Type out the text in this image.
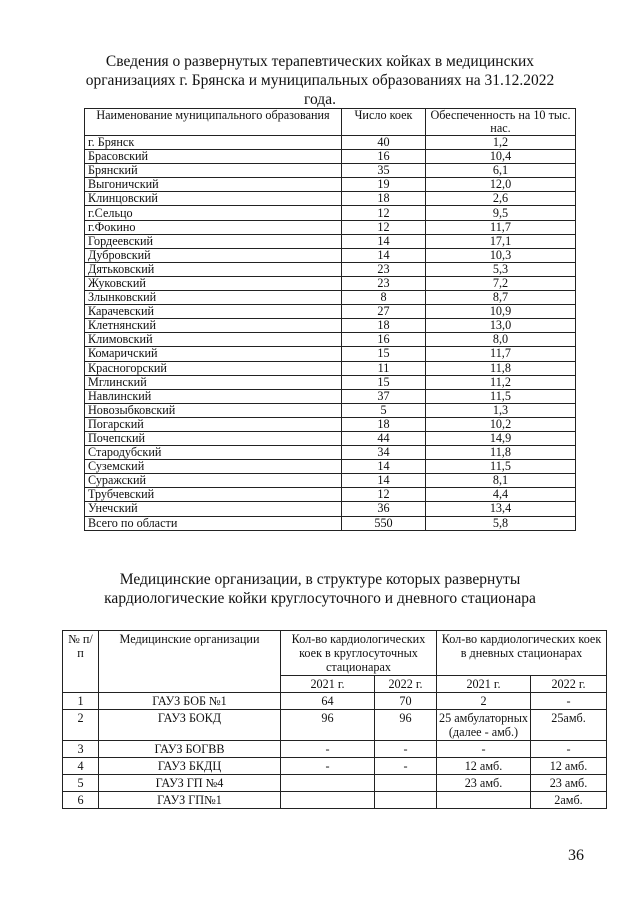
Сведения о развернутых терапевтических койках в медицинских организациях г. Брянска и муниципальных образованиях на 31.12.2022 года.
Наименование муниципального образования	Число коек	Обеспеченность на 10 тыс. нас.
г. Брянск	40	1,2
Брасовский	16	10,4
Брянский	35	6,1
Выгоничский	19	12,0
Клинцовский	18	2,6
г.Сельцо	12	9,5
г.Фокино	12	11,7
Гордеевский	14	17,1
Дубровский	14	10,3
Дятьковский	23	5,3
Жуковский	23	7,2
Злынковский	8	8,7
Карачевский	27	10,9
Клетнянский	18	13,0
Климовский	16	8,0
Комаричский	15	11,7
Красногорский	11	11,8
Мглинский	15	11,2
Навлинский	37	11,5
Новозыбковский	5	1,3
Погарский	18	10,2
Почепский	44	14,9
Стародубский	34	11,8
Суземский	14	11,5
Суражский	14	8,1
Трубчевский	12	4,4
Унечский	36	13,4
Всего по области	550	5,8
Медицинские организации, в структуре которых развернуты кардиологические койки круглосуточного и дневного стационара
№ п/п	Медицинские организации	Кол-во кардиологических коек в круглосуточных стационарах		Кол-во кардиологических коек в дневных стационарах	
		2021 г.	2022 г.	2021 г.	2022 г.
1	ГАУЗ БОБ №1	64	70	2	-
2	ГАУЗ БОКД	96	96	25 амбулаторных (далее - амб.)	25амб.
3	ГАУЗ БОГВВ	-	-	-	-
4	ГАУЗ БКДЦ	-	-	12 амб.	12 амб.
5	ГАУЗ ГП №4			23 амб.	23 амб.
6	ГАУЗ ГП№1				2амб.
36
